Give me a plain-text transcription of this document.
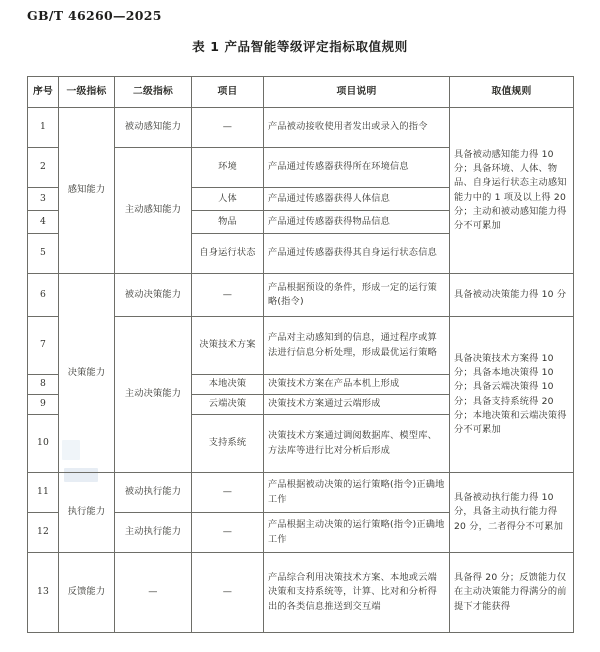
GB/T 46260—2025
表 1 产品智能等级评定指标取值规则
序号	一级指标	二级指标	项目	项目说明	取值规则
1	感知能力	被动感知能力	—	产品被动接收使用者发出或录入的指令	具备被动感知能力得 10 分；具备环境、人体、物品、自身运行状态主动感知能力中的 1 项及以上得 20 分；主动和被动感知能力得分不可累加
2		主动感知能力	环境	产品通过传感器获得所在环境信息	
3			人体	产品通过传感器获得人体信息	
4			物品	产品通过传感器获得物品信息	
5			自身运行状态	产品通过传感器获得其自身运行状态信息	
6	决策能力	被动决策能力	—	产品根据预设的条件，形成一定的运行策略(指令)	具备被动决策能力得 10 分
7		主动决策能力	决策技术方案	产品对主动感知到的信息，通过程序或算法进行信息分析处理，形成最优运行策略	具备决策技术方案得 10 分；具备本地决策得 10 分；具备云端决策得 10 分；具备支持系统得 20 分；本地决策和云端决策得分不可累加
8			本地决策	决策技术方案在产品本机上形成	
9			云端决策	决策技术方案通过云端形成	
10			支持系统	决策技术方案通过调阅数据库、模型库、方法库等进行比对分析后形成	
11	执行能力	被动执行能力	—	产品根据被动决策的运行策略(指令)正确地工作	具备被动执行能力得 10 分，具备主动执行能力得 20 分，二者得分不可累加
12		主动执行能力	—	产品根据主动决策的运行策略(指令)正确地工作	
13	反馈能力	—	—	产品综合利用决策技术方案、本地或云端决策和支持系统等，计算、比对和分析得出的各类信息推送到交互端	具备得 20 分；反馈能力仅在主动决策能力得满分的前提下才能获得
